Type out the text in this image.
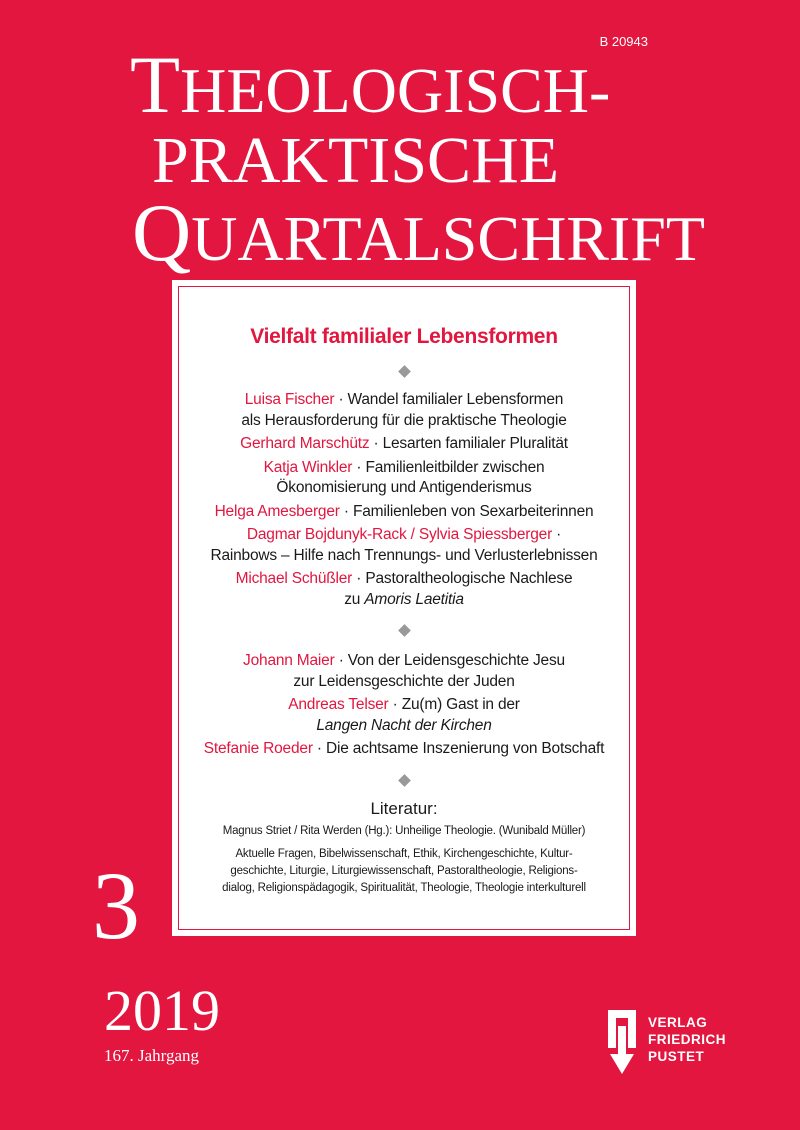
B 20943
THEOLOGISCH-
PRAKTISCHE
QUARTALSCHRIFT
Vielfalt familialer Lebensformen
Luisa Fischer · Wandel familialer Lebensformen
als Herausforderung für die praktische Theologie
Gerhard Marschütz · Lesarten familialer Pluralität
Katja Winkler · Familienleitbilder zwischen
Ökonomisierung und Antigenderismus
Helga Amesberger · Familienleben von Sexarbeiterinnen
Dagmar Bojdunyk-Rack / Sylvia Spiessberger ·
Rainbows – Hilfe nach Trennungs- und Verlusterlebnissen
Michael Schüßler · Pastoraltheologische Nachlese
zu Amoris Laetitia
Johann Maier · Von der Leidensgeschichte Jesu
zur Leidensgeschichte der Juden
Andreas Telser · Zu(m) Gast in der
Langen Nacht der Kirchen
Stefanie Roeder · Die achtsame Inszenierung von Botschaft
Literatur:
Magnus Striet / Rita Werden (Hg.): Unheilige Theologie. (Wunibald Müller)
Aktuelle Fragen, Bibelwissenschaft, Ethik, Kirchengeschichte, Kultur-
geschichte, Liturgie, Liturgiewissenschaft, Pastoraltheologie, Religions-
dialog, Religionspädagogik, Spiritualität, Theologie, Theologie interkulturell
3
2019
167. Jahrgang
VERLAG
FRIEDRICH
PUSTET
